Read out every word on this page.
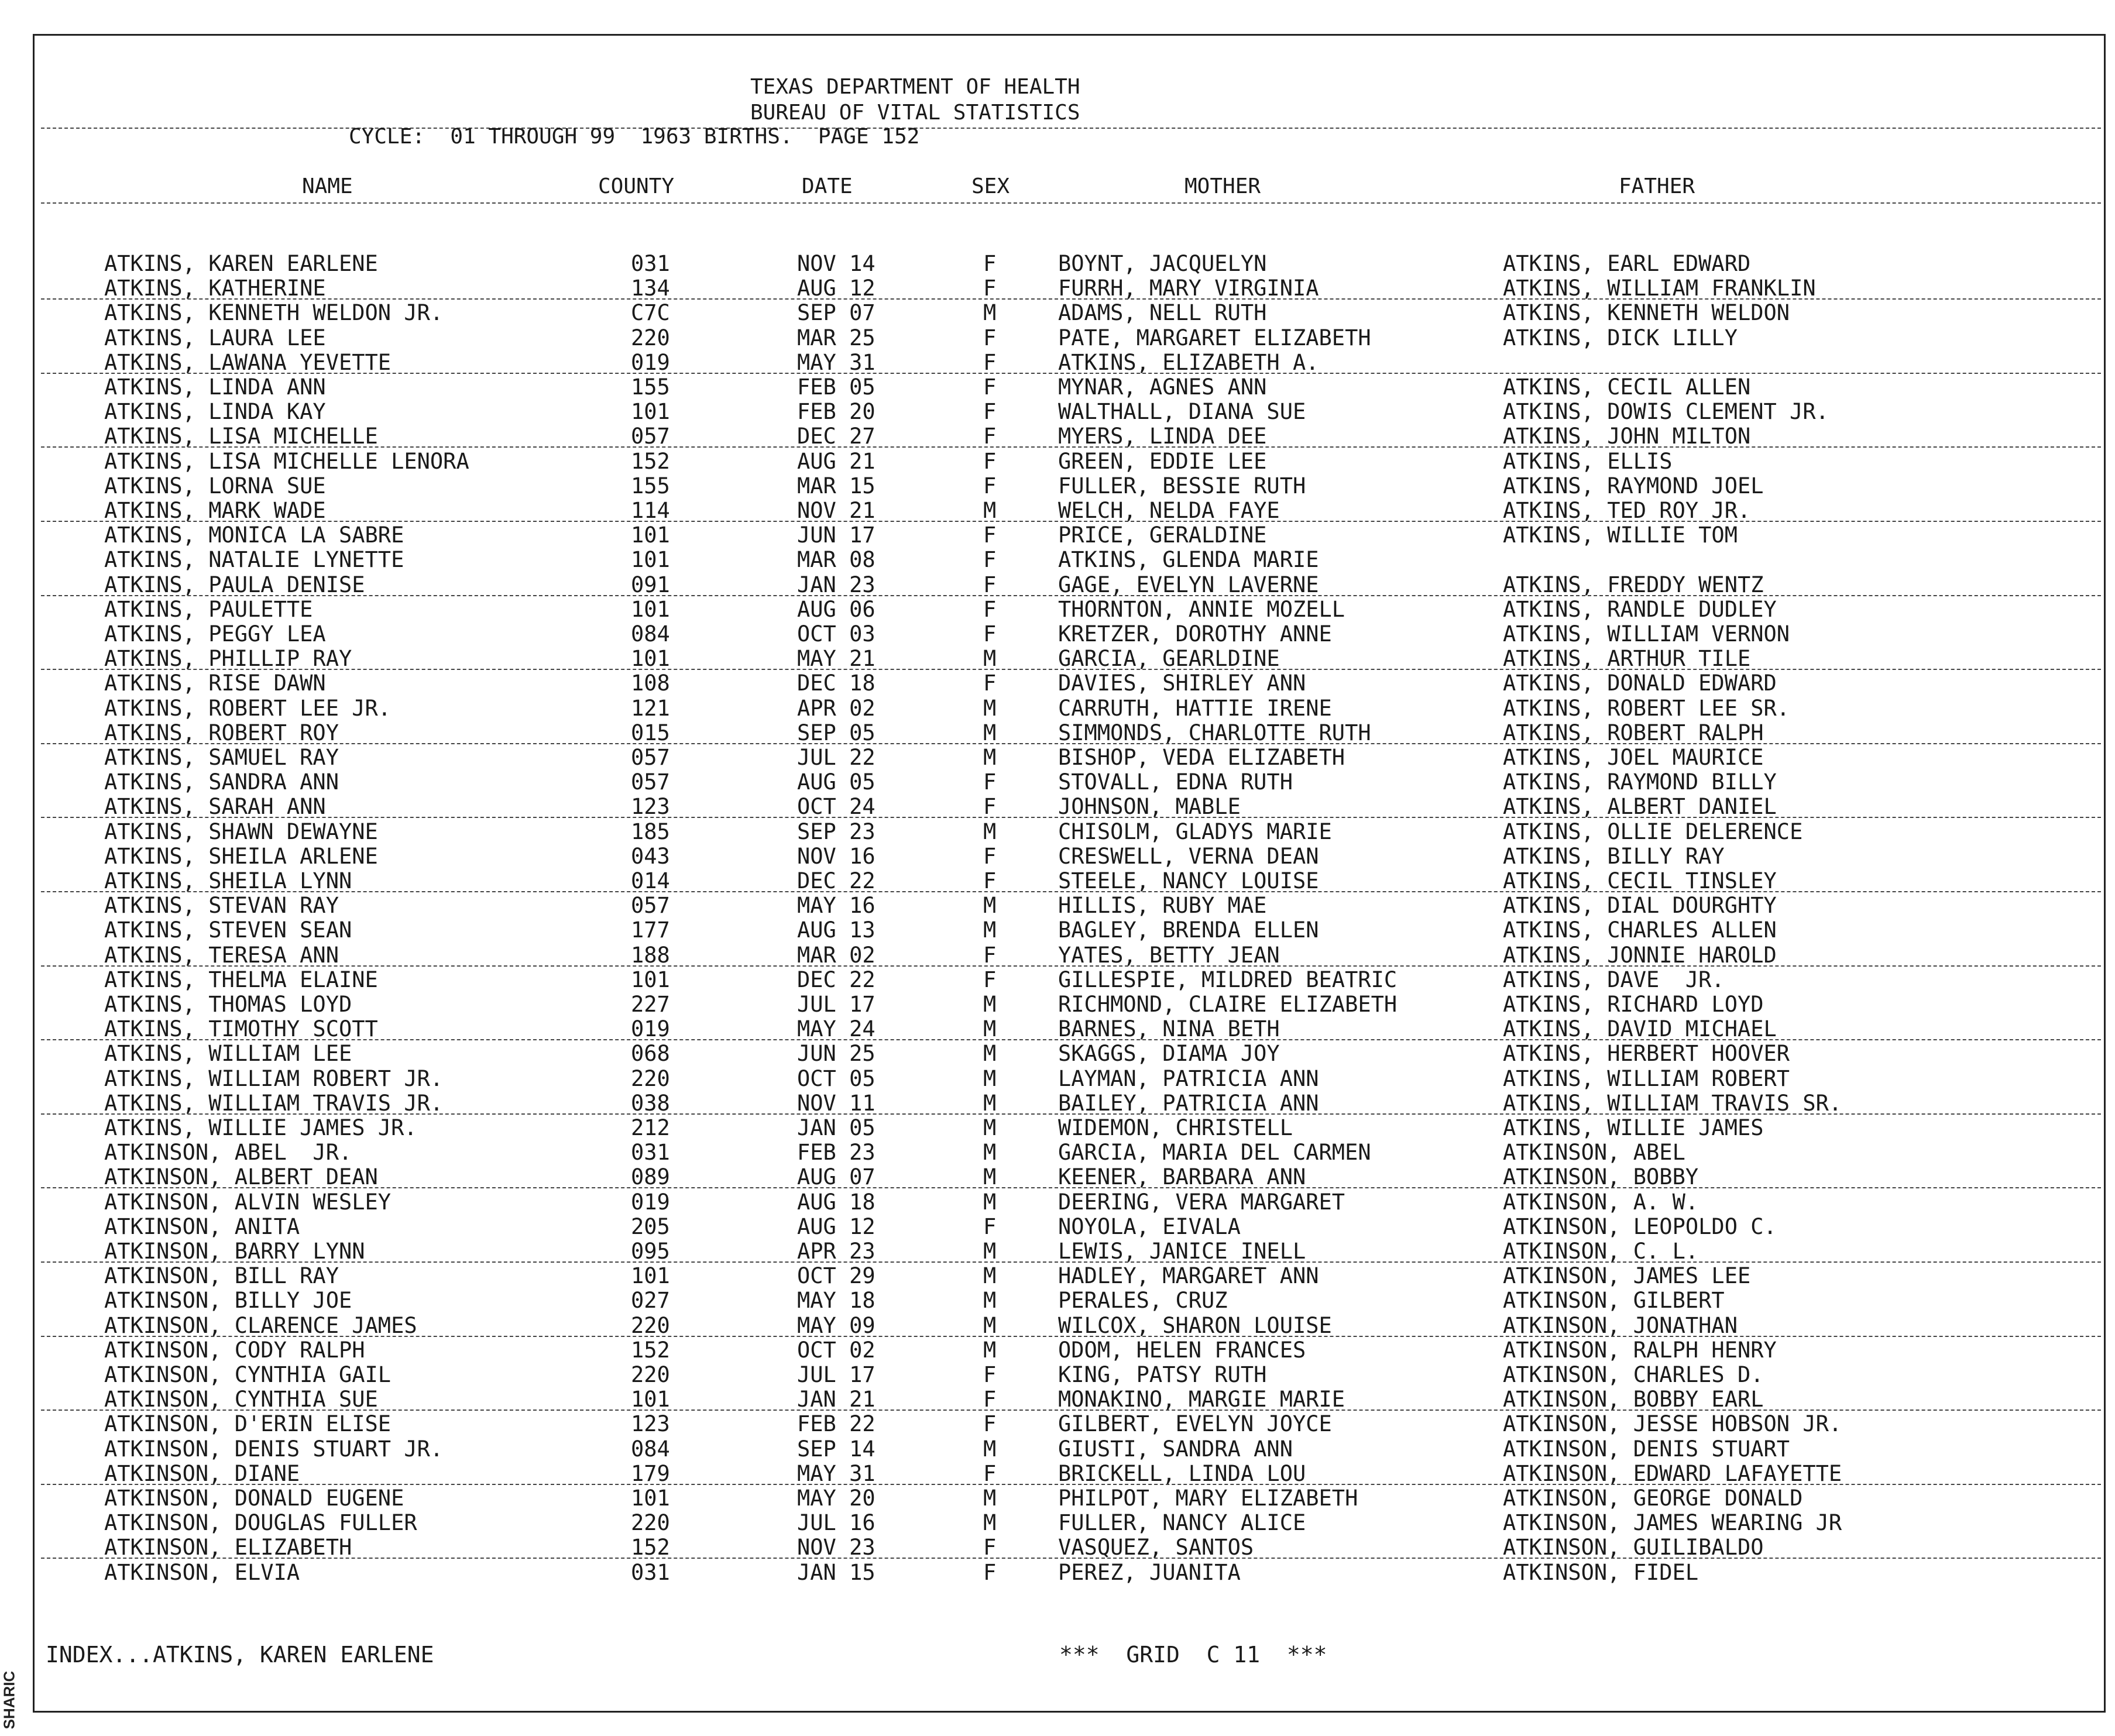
SHARIC
TEXAS DEPARTMENT OF HEALTH
BUREAU OF VITAL STATISTICS
CYCLE:  01 THROUGH 99  1963 BIRTHS.  PAGE 152
NAME	COUNTY	DATE	SEX	MOTHER	FATHER
ATKINS, KAREN EARLENE	031	NOV 14	F	BOYNT, JACQUELYN	ATKINS, EARL EDWARD
ATKINS, KATHERINE	134	AUG 12	F	FURRH, MARY VIRGINIA	ATKINS, WILLIAM FRANKLIN
ATKINS, KENNETH WELDON JR.	C7C	SEP 07	M	ADAMS, NELL RUTH	ATKINS, KENNETH WELDON
ATKINS, LAURA LEE	220	MAR 25	F	PATE, MARGARET ELIZABETH	ATKINS, DICK LILLY
ATKINS, LAWANA YEVETTE	019	MAY 31	F	ATKINS, ELIZABETH A.
ATKINS, LINDA ANN	155	FEB 05	F	MYNAR, AGNES ANN	ATKINS, CECIL ALLEN
ATKINS, LINDA KAY	101	FEB 20	F	WALTHALL, DIANA SUE	ATKINS, DOWIS CLEMENT JR.
ATKINS, LISA MICHELLE	057	DEC 27	F	MYERS, LINDA DEE	ATKINS, JOHN MILTON
ATKINS, LISA MICHELLE LENORA	152	AUG 21	F	GREEN, EDDIE LEE	ATKINS, ELLIS
ATKINS, LORNA SUE	155	MAR 15	F	FULLER, BESSIE RUTH	ATKINS, RAYMOND JOEL
ATKINS, MARK WADE	114	NOV 21	M	WELCH, NELDA FAYE	ATKINS, TED ROY JR.
ATKINS, MONICA LA SABRE	101	JUN 17	F	PRICE, GERALDINE	ATKINS, WILLIE TOM
ATKINS, NATALIE LYNETTE	101	MAR 08	F	ATKINS, GLENDA MARIE
ATKINS, PAULA DENISE	091	JAN 23	F	GAGE, EVELYN LAVERNE	ATKINS, FREDDY WENTZ
ATKINS, PAULETTE	101	AUG 06	F	THORNTON, ANNIE MOZELL	ATKINS, RANDLE DUDLEY
ATKINS, PEGGY LEA	084	OCT 03	F	KRETZER, DOROTHY ANNE	ATKINS, WILLIAM VERNON
ATKINS, PHILLIP RAY	101	MAY 21	M	GARCIA, GEARLDINE	ATKINS, ARTHUR TILE
ATKINS, RISE DAWN	108	DEC 18	F	DAVIES, SHIRLEY ANN	ATKINS, DONALD EDWARD
ATKINS, ROBERT LEE JR.	121	APR 02	M	CARRUTH, HATTIE IRENE	ATKINS, ROBERT LEE SR.
ATKINS, ROBERT ROY	015	SEP 05	M	SIMMONDS, CHARLOTTE RUTH	ATKINS, ROBERT RALPH
ATKINS, SAMUEL RAY	057	JUL 22	M	BISHOP, VEDA ELIZABETH	ATKINS, JOEL MAURICE
ATKINS, SANDRA ANN	057	AUG 05	F	STOVALL, EDNA RUTH	ATKINS, RAYMOND BILLY
ATKINS, SARAH ANN	123	OCT 24	F	JOHNSON, MABLE	ATKINS, ALBERT DANIEL
ATKINS, SHAWN DEWAYNE	185	SEP 23	M	CHISOLM, GLADYS MARIE	ATKINS, OLLIE DELERENCE
ATKINS, SHEILA ARLENE	043	NOV 16	F	CRESWELL, VERNA DEAN	ATKINS, BILLY RAY
ATKINS, SHEILA LYNN	014	DEC 22	F	STEELE, NANCY LOUISE	ATKINS, CECIL TINSLEY
ATKINS, STEVAN RAY	057	MAY 16	M	HILLIS, RUBY MAE	ATKINS, DIAL DOURGHTY
ATKINS, STEVEN SEAN	177	AUG 13	M	BAGLEY, BRENDA ELLEN	ATKINS, CHARLES ALLEN
ATKINS, TERESA ANN	188	MAR 02	F	YATES, BETTY JEAN	ATKINS, JONNIE HAROLD
ATKINS, THELMA ELAINE	101	DEC 22	F	GILLESPIE, MILDRED BEATRIC	ATKINS, DAVE  JR.
ATKINS, THOMAS LOYD	227	JUL 17	M	RICHMOND, CLAIRE ELIZABETH	ATKINS, RICHARD LOYD
ATKINS, TIMOTHY SCOTT	019	MAY 24	M	BARNES, NINA BETH	ATKINS, DAVID MICHAEL
ATKINS, WILLIAM LEE	068	JUN 25	M	SKAGGS, DIAMA JOY	ATKINS, HERBERT HOOVER
ATKINS, WILLIAM ROBERT JR.	220	OCT 05	M	LAYMAN, PATRICIA ANN	ATKINS, WILLIAM ROBERT
ATKINS, WILLIAM TRAVIS JR.	038	NOV 11	M	BAILEY, PATRICIA ANN	ATKINS, WILLIAM TRAVIS SR.
ATKINS, WILLIE JAMES JR.	212	JAN 05	M	WIDEMON, CHRISTELL	ATKINS, WILLIE JAMES
ATKINSON, ABEL  JR.	031	FEB 23	M	GARCIA, MARIA DEL CARMEN	ATKINSON, ABEL
ATKINSON, ALBERT DEAN	089	AUG 07	M	KEENER, BARBARA ANN	ATKINSON, BOBBY
ATKINSON, ALVIN WESLEY	019	AUG 18	M	DEERING, VERA MARGARET	ATKINSON, A. W.
ATKINSON, ANITA	205	AUG 12	F	NOYOLA, EIVALA	ATKINSON, LEOPOLDO C.
ATKINSON, BARRY LYNN	095	APR 23	M	LEWIS, JANICE INELL	ATKINSON, C. L.
ATKINSON, BILL RAY	101	OCT 29	M	HADLEY, MARGARET ANN	ATKINSON, JAMES LEE
ATKINSON, BILLY JOE	027	MAY 18	M	PERALES, CRUZ	ATKINSON, GILBERT
ATKINSON, CLARENCE JAMES	220	MAY 09	M	WILCOX, SHARON LOUISE	ATKINSON, JONATHAN
ATKINSON, CODY RALPH	152	OCT 02	M	ODOM, HELEN FRANCES	ATKINSON, RALPH HENRY
ATKINSON, CYNTHIA GAIL	220	JUL 17	F	KING, PATSY RUTH	ATKINSON, CHARLES D.
ATKINSON, CYNTHIA SUE	101	JAN 21	F	MONAKINO, MARGIE MARIE	ATKINSON, BOBBY EARL
ATKINSON, D'ERIN ELISE	123	FEB 22	F	GILBERT, EVELYN JOYCE	ATKINSON, JESSE HOBSON JR.
ATKINSON, DENIS STUART JR.	084	SEP 14	M	GIUSTI, SANDRA ANN	ATKINSON, DENIS STUART
ATKINSON, DIANE	179	MAY 31	F	BRICKELL, LINDA LOU	ATKINSON, EDWARD LAFAYETTE
ATKINSON, DONALD EUGENE	101	MAY 20	M	PHILPOT, MARY ELIZABETH	ATKINSON, GEORGE DONALD
ATKINSON, DOUGLAS FULLER	220	JUL 16	M	FULLER, NANCY ALICE	ATKINSON, JAMES WEARING JR
ATKINSON, ELIZABETH	152	NOV 23	F	VASQUEZ, SANTOS	ATKINSON, GUILIBALDO
ATKINSON, ELVIA	031	JAN 15	F	PEREZ, JUANITA	ATKINSON, FIDEL
INDEX...ATKINS, KAREN EARLENE	***  GRID  C 11  ***
